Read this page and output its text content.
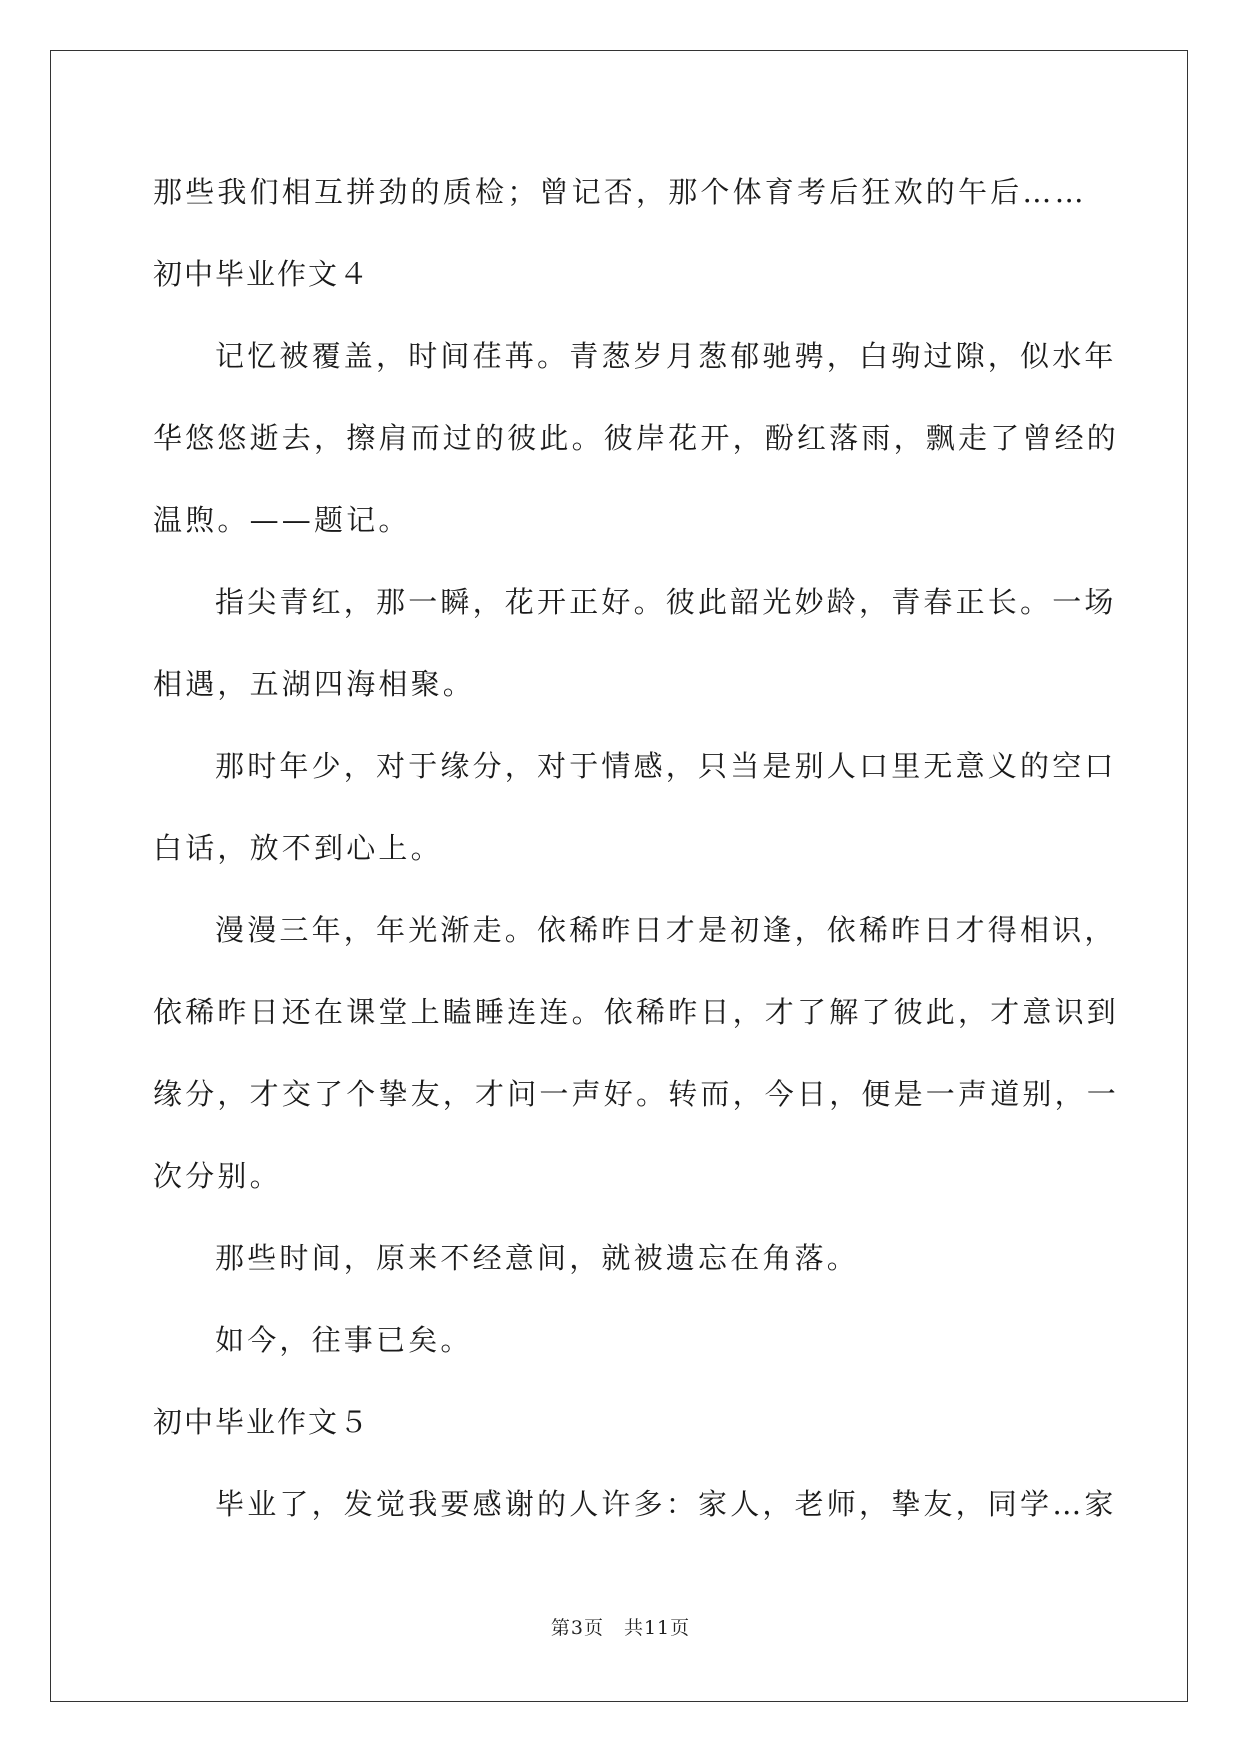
那些我们相互拼劲的质检；曾记否，那个体育考后狂欢的午后……
初中毕业作文４
记忆被覆盖，时间荏苒。青葱岁月葱郁驰骋，白驹过隙，似水年
华悠悠逝去，擦肩而过的彼此。彼岸花开，酚红落雨，飘走了曾经的
温煦。——题记。
指尖青红，那一瞬，花开正好。彼此韶光妙龄，青春正长。一场
相遇，五湖四海相聚。
那时年少，对于缘分，对于情感，只当是别人口里无意义的空口
白话，放不到心上。
漫漫三年，年光渐走。依稀昨日才是初逢，依稀昨日才得相识，
依稀昨日还在课堂上瞌睡连连。依稀昨日，才了解了彼此，才意识到
缘分，才交了个挚友，才问一声好。转而，今日，便是一声道别，一
次分别。
那些时间，原来不经意间，就被遗忘在角落。
如今，往事已矣。
初中毕业作文５
毕业了，发觉我要感谢的人许多：家人，老师，挚友，同学…家
第3页 共11页
